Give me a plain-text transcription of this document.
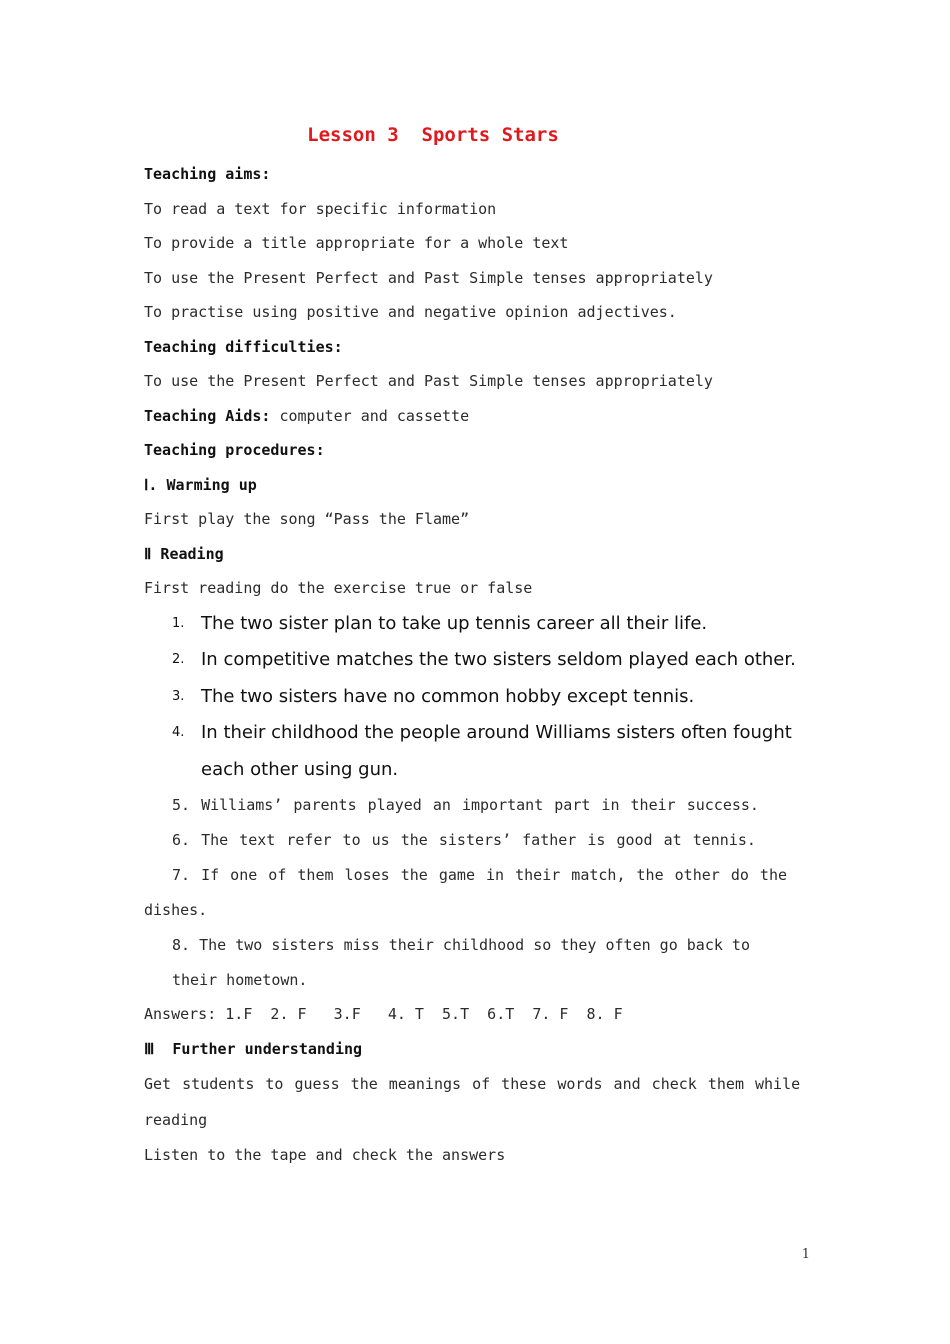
Lesson 3  Sports Stars
Teaching aims:
To read a text for specific information
To provide a title appropriate for a whole text
To use the Present Perfect and Past Simple tenses appropriately
To practise using positive and negative opinion adjectives.
Teaching difficulties:
To use the Present Perfect and Past Simple tenses appropriately
Teaching Aids: computer and cassette
Teaching procedures:
Ⅰ. Warming up
First play the song “Pass the Flame”
Ⅱ Reading
First reading do the exercise true or false
1. The two sister plan to take up tennis career all their life.
2. In competitive matches the two sisters seldom played each other.
3. The two sisters have no common hobby except tennis.
4. In their childhood the people around Williams sisters often fought each other using gun.
5. Williams’ parents played an important part in their success.
6. The text refer to us the sisters’ father is good at tennis.
7. If one of them loses the game in their match, the other do the dishes.
8. The two sisters miss their childhood so they often go back to their hometown.
Answers: 1.F  2. F   3.F   4. T  5.T  6.T  7. F  8. F
Ⅲ  Further understanding
Get students to guess the meanings of these words and check them while reading
Listen to the tape and check the answers
1
